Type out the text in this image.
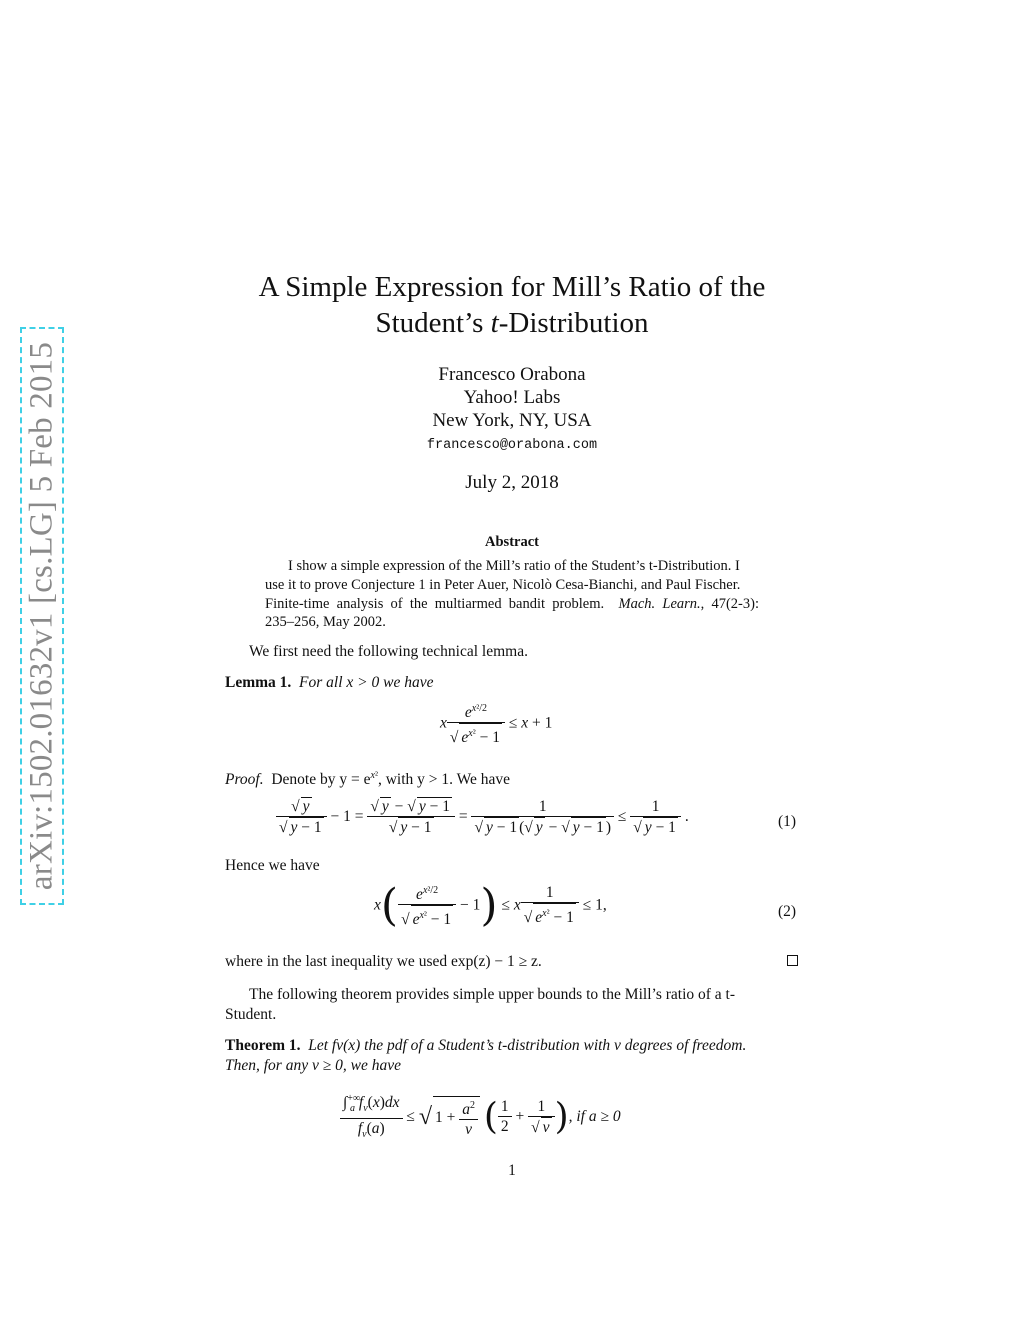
arXiv:1502.01632v1 [cs.LG] 5 Feb 2015
A Simple Expression for Mill’s Ratio of the
Student’s t-Distribution
Francesco Orabona
Yahoo! Labs
New York, NY, USA
francesco@orabona.com
July 2, 2018
Abstract
I show a simple expression of the Mill’s ratio of the Student’s t-Distribution. I
use it to prove Conjecture 1 in Peter Auer, Nicolò Cesa-Bianchi, and Paul Fischer.
Finite-time analysis of the multiarmed bandit problem. Mach. Learn., 47(2-3):
235–256, May 2002.
We first need the following technical lemma.
Lemma 1. For all x > 0 we have
x $\frac{e^{x^2/2}}{√ e^{x^2} - 1} \le x + 1$
Proof. Denote by $y = e^{x^2}$, with y > 1. We have
$\frac{√ y}{√ y - 1} - 1 = \frac{√ y - √ y - 1}{√ y - 1} = \frac{1}{√ y - 1 (√ y - √ y - 1 )} \le \frac{1}{√ y - 1}$ .	(1)
Hence we have
$x( \frac{e^{x^2/2}}{√ e^{x^2} - 1} - 1) \le x \frac{1}{√ e^{x^2} - 1} \le 1$,	(2)
where in the last inequality we used exp(z) − 1 ≥ z.
The following theorem provides simple upper bounds to the Mill’s ratio of a t-
Student.
Theorem 1. Let fν(x) the pdf of a Student’s t-distribution with ν degrees of freedom.
Then, for any ν ≥ 0, we have
$\frac{\int^{+\infty}_a f_\nu(x)dx}{f_\nu(a)}$ ≤ √ $1 + \frac{a^2}{\nu}$ ( $\frac{1}{2} + \frac{1}{√ \nu}$ ), if a ≥ 0
1
